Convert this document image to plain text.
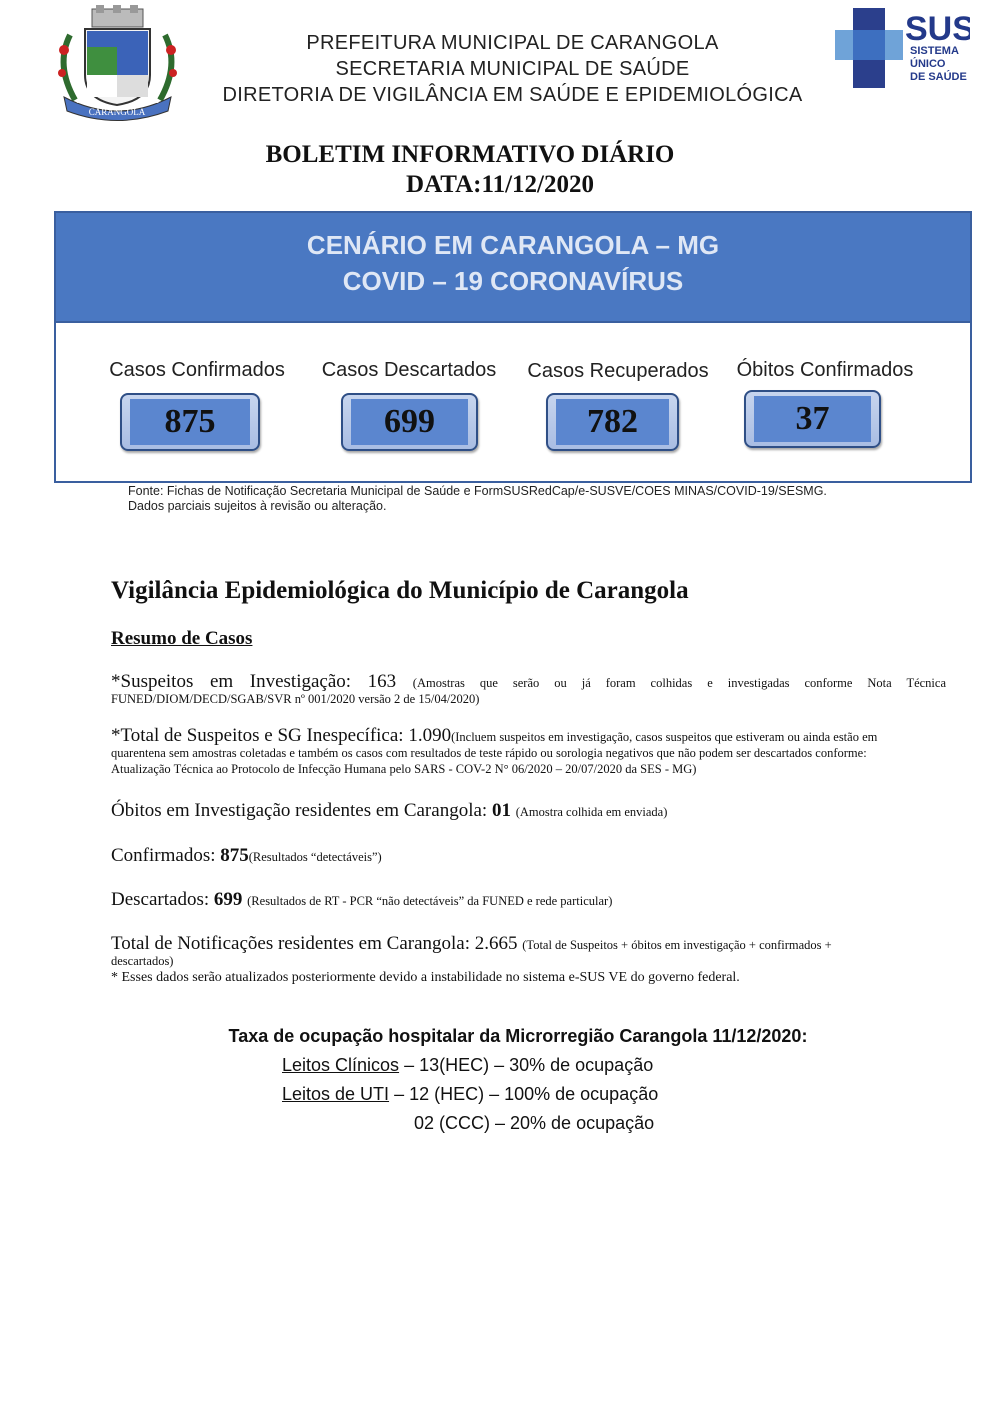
CARANGOLA
1882	1882
PREFEITURA MUNICIPAL DE CARANGOLA
SECRETARIA MUNICIPAL DE SAÚDE
DIRETORIA DE VIGILÂNCIA EM SAÚDE E EPIDEMIOLÓGICA
SUS
SISTEMA
ÚNICO
DE SAÚDE
BOLETIM INFORMATIVO DIÁRIO
DATA:11/12/2020
CENÁRIO EM CARANGOLA – MG
COVID – 19 CORONAVÍRUS
Casos Confirmados
875
Casos Descartados
699
Casos Recuperados
782
Óbitos Confirmados
37
Fonte: Fichas de Notificação Secretaria Municipal de Saúde e FormSUSRedCap/e-SUSVE/COES MINAS/COVID-19/SESMG.
Dados parciais sujeitos à revisão ou alteração.
Vigilância Epidemiológica do Município de Carangola
Resumo de Casos
*Suspeitos em Investigação: 163 (Amostras que serão ou já foram colhidas e investigadas conforme Nota Técnica
FUNED/DIOM/DECD/SGAB/SVR nº 001/2020 versão 2 de 15/04/2020)
*Total de Suspeitos e SG Inespecífica: 1.090(Incluem suspeitos em investigação, casos suspeitos que estiveram ou ainda estão em
quarentena sem amostras coletadas e também os casos com resultados de teste rápido ou sorologia negativos que não podem ser descartados conforme:
Atualização Técnica ao Protocolo de Infecção Humana pelo SARS - COV-2 N° 06/2020 – 20/07/2020 da SES - MG)
Óbitos em Investigação residentes em Carangola: 01 (Amostra colhida em enviada)
Confirmados: 875(Resultados “detectáveis”)
Descartados: 699 (Resultados de RT - PCR “não detectáveis” da FUNED e rede particular)
Total de Notificações residentes em Carangola: 2.665 (Total de Suspeitos + óbitos em investigação + confirmados +
descartados)
* Esses dados serão atualizados posteriormente devido a instabilidade no sistema e-SUS VE do governo federal.
Taxa de ocupação hospitalar da Microrregião Carangola 11/12/2020:
Leitos Clínicos – 13(HEC) – 30% de ocupação
Leitos de UTI – 12 (HEC) – 100% de ocupação
02 (CCC) – 20% de ocupação
